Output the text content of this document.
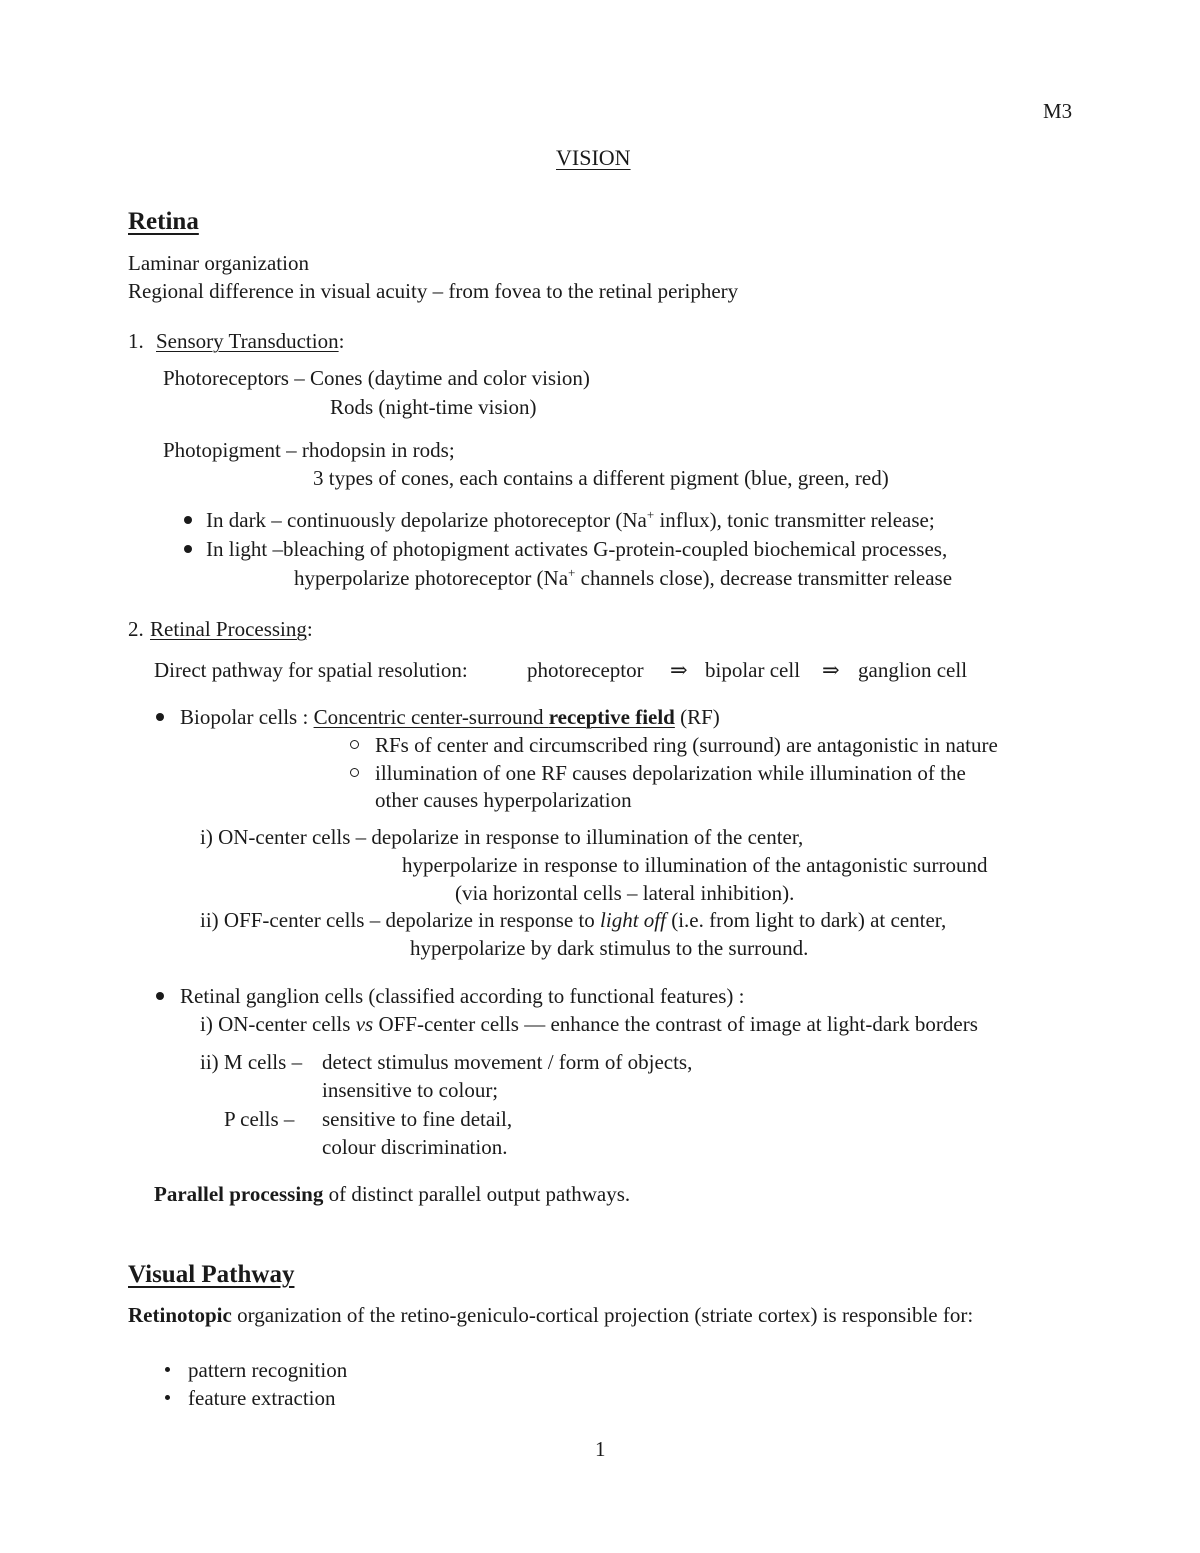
M3
VISION
Retina
Laminar organization
Regional difference in visual acuity – from fovea to the retinal periphery
1. Sensory Transduction:
Photoreceptors – Cones (daytime and color vision)
Rods (night-time vision)
Photopigment – rhodopsin in rods;
3 types of cones, each contains a different pigment (blue, green, red)
In dark – continuously depolarize photoreceptor (Na+ influx), tonic transmitter release;
In light –bleaching of photopigment activates G-protein-coupled biochemical processes,
hyperpolarize photoreceptor (Na+ channels close), decrease transmitter release
2. Retinal Processing:
Direct pathway for spatial resolution:	photoreceptor ⇒ bipolar cell ⇒ ganglion cell
Biopolar cells : Concentric center-surround receptive field (RF)
RFs of center and circumscribed ring (surround) are antagonistic in nature
illumination of one RF causes depolarization while illumination of the
other causes hyperpolarization
i) ON-center cells – depolarize in response to illumination of the center,
hyperpolarize in response to illumination of the antagonistic surround
(via horizontal cells – lateral inhibition).
ii) OFF-center cells – depolarize in response to light off (i.e. from light to dark) at center,
hyperpolarize by dark stimulus to the surround.
Retinal ganglion cells (classified according to functional features) :
i) ON-center cells vs OFF-center cells — enhance the contrast of image at light-dark borders
ii) M cells – detect stimulus movement / form of objects,
insensitive to colour;
P cells – sensitive to fine detail,
colour discrimination.
Parallel processing of distinct parallel output pathways.
Visual Pathway
Retinotopic organization of the retino-geniculo-cortical projection (striate cortex) is responsible for:
pattern recognition
feature extraction
1
